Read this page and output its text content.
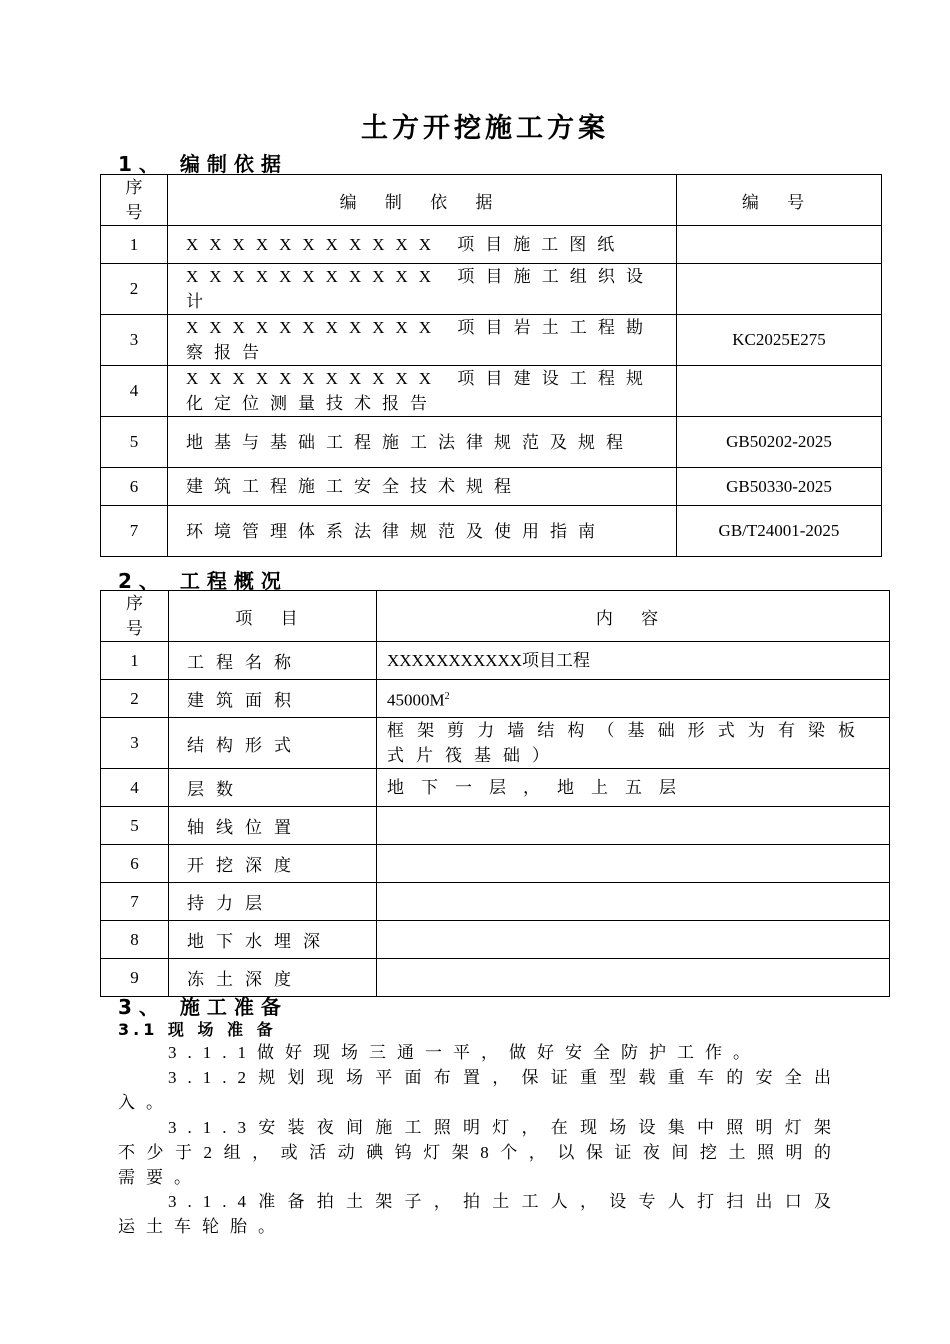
土方开挖施工方案
1、 编制依据
序号	编 制 依 据	编 号
1	XXXXXXXXXXX 项目施工图纸	
2	XXXXXXXXXXX 项目施工组织设计	
3	XXXXXXXXXXX 项目岩土工程勘察报告	KC2025E275
4	XXXXXXXXXXX 项目建设工程规化定位测量技术报告	
5	地基与基础工程施工法律规范及规程	GB50202-2025
6	建筑工程施工安全技术规程	GB50330-2025
7	环境管理体系法律规范及使用指南	GB/T24001-2025
2、 工程概况
序号	项 目	内 容
1	工程名称	XXXXXXXXXXX项目工程
2	建筑面积	$45000M^2$
3	结构形式	框架剪力墙结构（基础形式为有梁板式片筏基础）
4	层数	地下一层，地上五层
5	轴线位置	
6	开挖深度	
7	持力层	
8	地下水埋深	
9	冻土深度	
3、 施工准备
3.1 现 场 准 备
3.1.1做好现场三通一平，做好安全防护工作。
3.1.2规划现场平面布置，保证重型载重车的安全出入。
3.1.3安装夜间施工照明灯，在现场设集中照明灯架不少于2组，或活动碘钨灯架8个，以保证夜间挖土照明的需要。
3.1.4准备拍土架子，拍土工人，设专人打扫出口及运土车轮胎。
